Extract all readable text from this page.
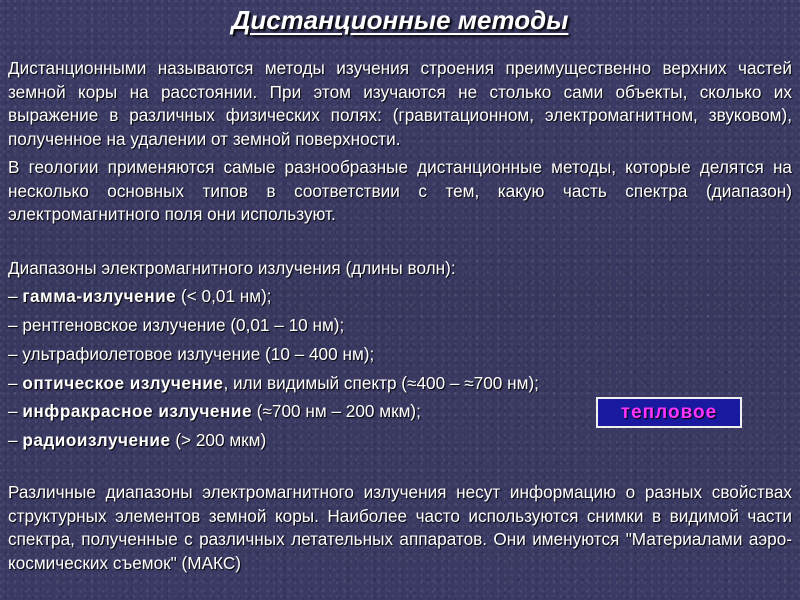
Дистанционные методы

Дистанционными называются методы изучения строения преимущественно верхних частей земной коры на расстоянии. При этом изучаются не столько сами объекты, сколько их выражение в различных физических полях: (гравитационном, электромагнитном, звуковом), полученное на удалении от земной поверхности.

В геологии применяются самые разнообразные дистанционные методы, которые делятся на несколько основных типов в соответствии с тем, какую часть спектра (диапазон) электромагнитного поля они используют.

Диапазоны электромагнитного излучения (длины волн):
– гамма-излучение (< 0,01 нм);
– рентгеновское излучение (0,01 – 10 нм);
– ультрафиолетовое излучение (10 – 400 нм);
– оптическое излучение, или видимый спектр (≈400 – ≈700 нм);
– инфракрасное излучение (≈700 нм – 200 мкм);	тепловое
– радиоизлучение (> 200 мкм)

Различные диапазоны электромагнитного излучения несут информацию о разных свойствах структурных элементов земной коры. Наиболее часто используются снимки в видимой части спектра, полученные с различных летательных аппаратов. Они именуются "Материалами аэро-космических съемок" (МАКС)
